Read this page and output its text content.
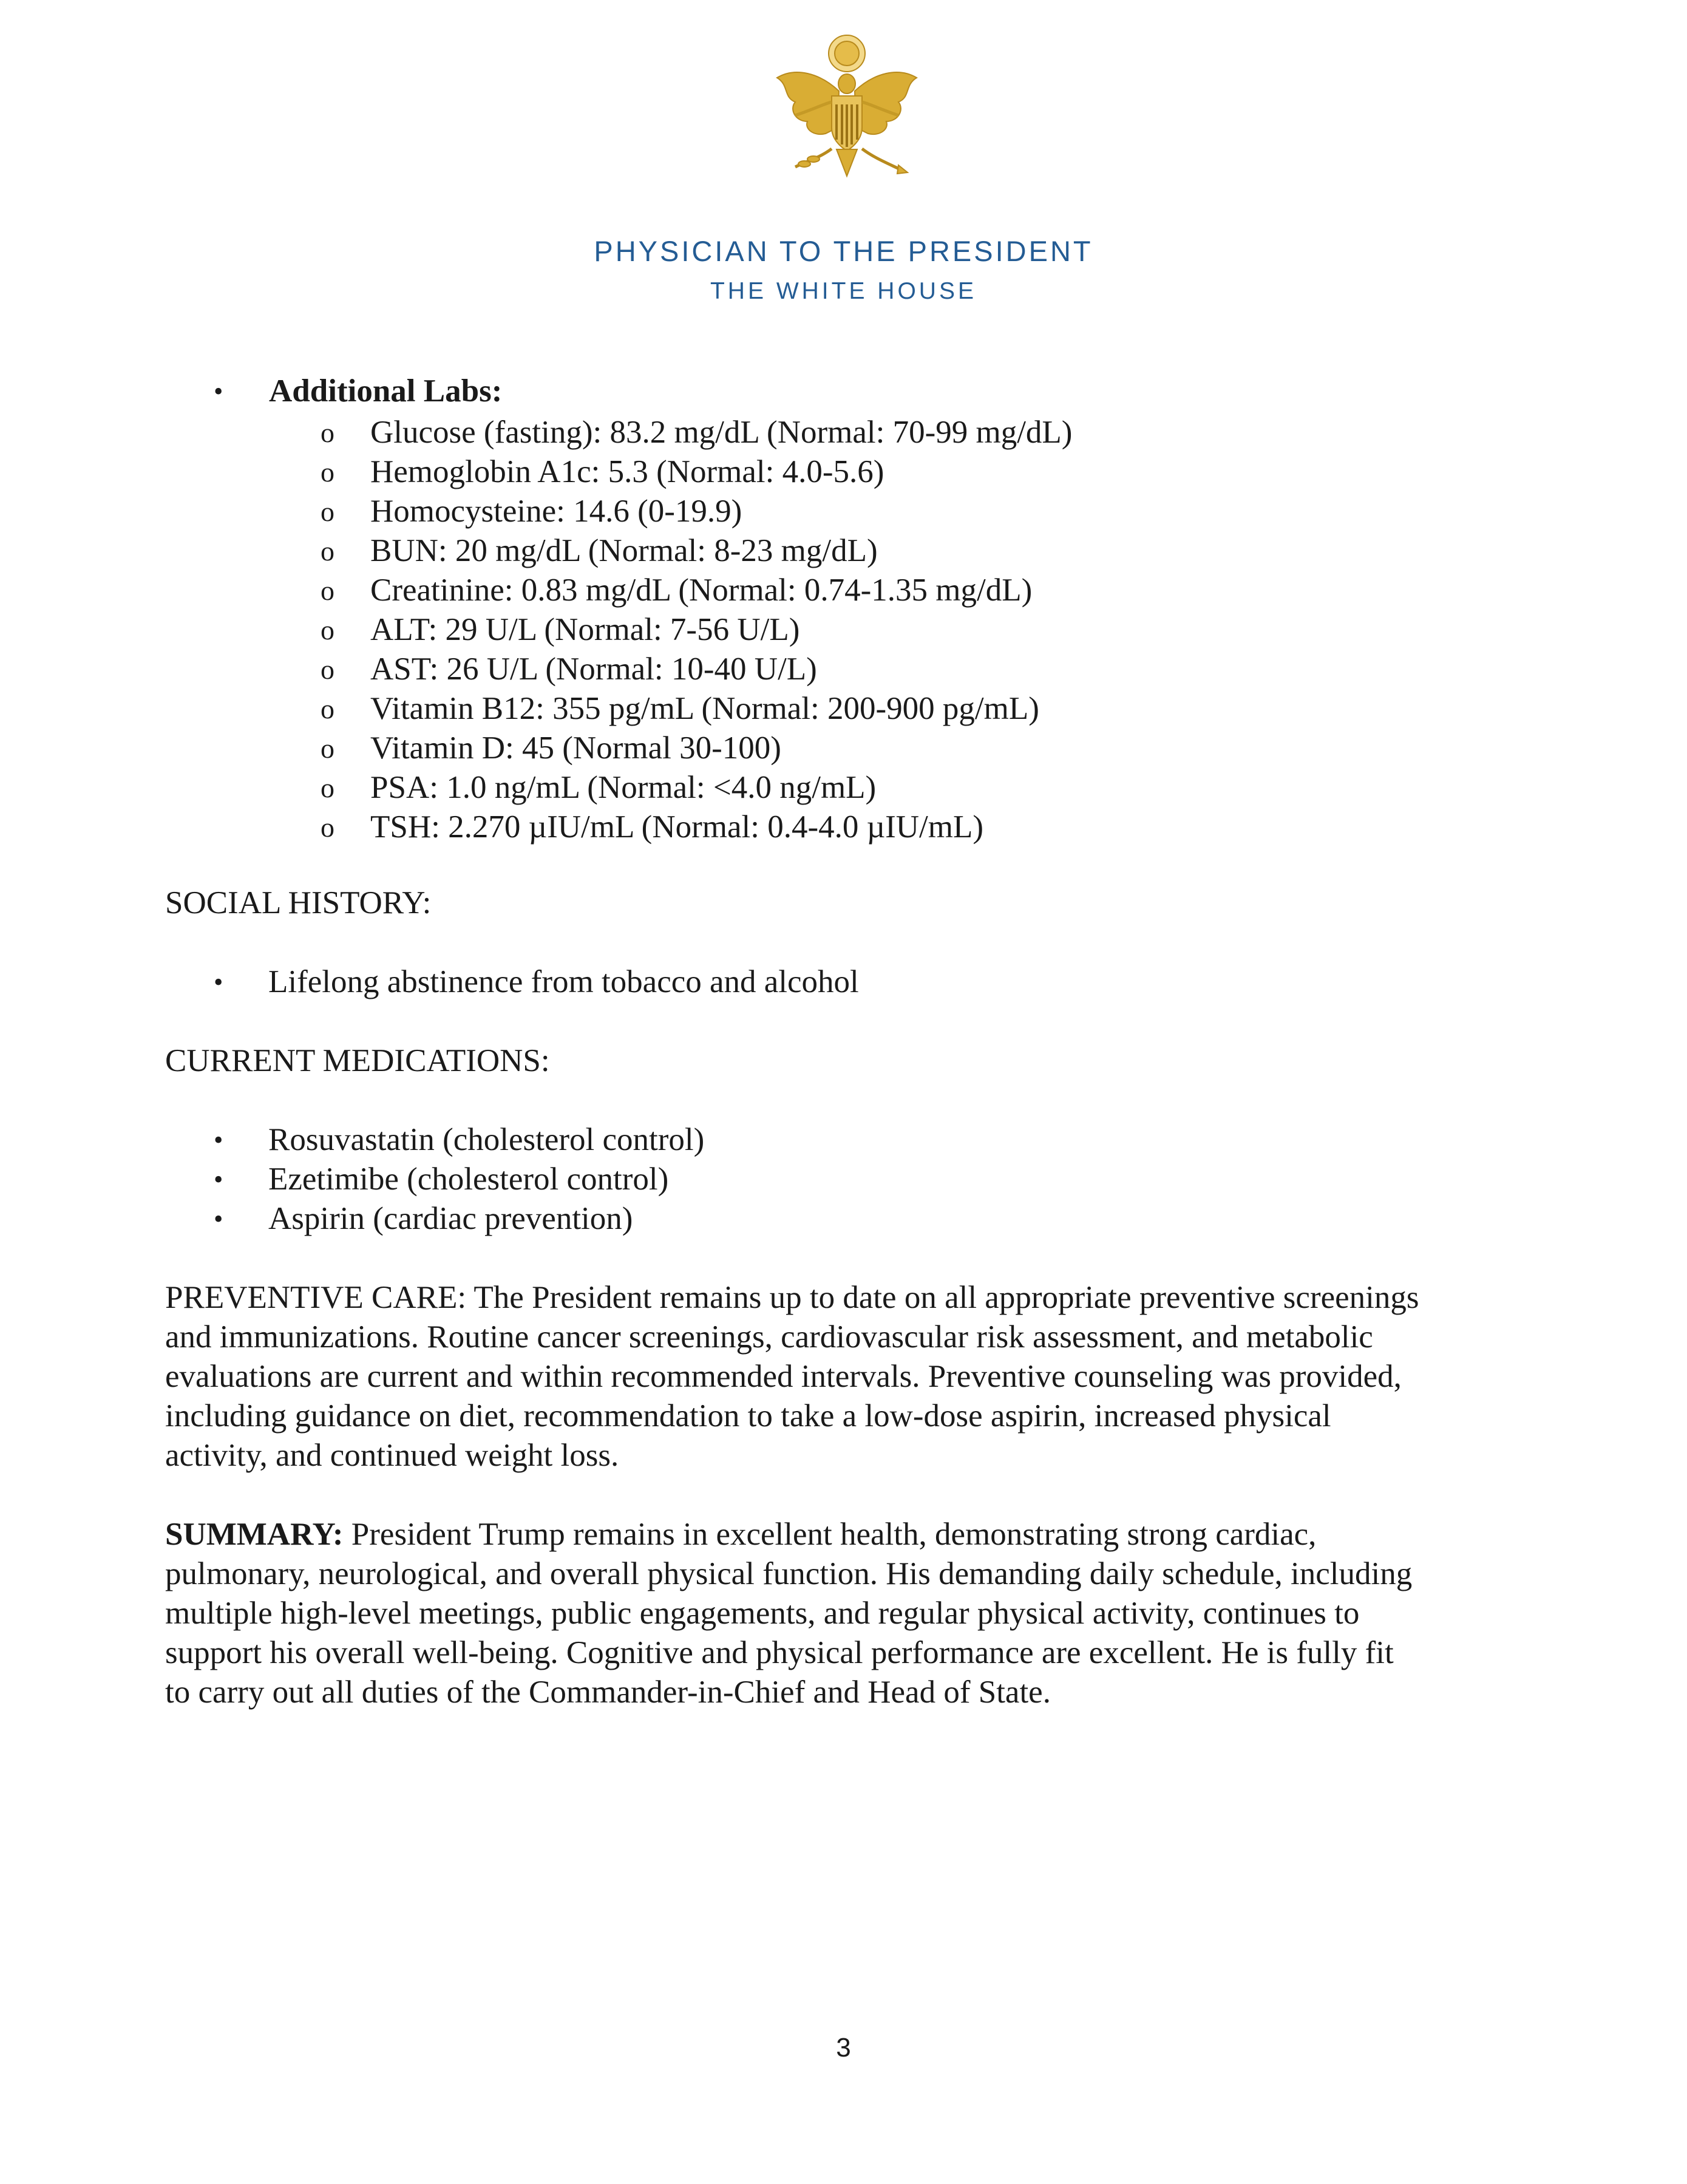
PHYSICIAN TO THE PRESIDENT

THE WHITE HOUSE

• Additional Labs:

o Glucose (fasting): 83.2 mg/dL (Normal: 70-99 mg/dL)
o Hemoglobin A1c: 5.3 (Normal: 4.0-5.6)
o Homocysteine: 14.6 (0-19.9)
o BUN: 20 mg/dL (Normal: 8-23 mg/dL)
o Creatinine: 0.83 mg/dL (Normal: 0.74-1.35 mg/dL)
o ALT: 29 U/L (Normal: 7-56 U/L)
o AST: 26 U/L (Normal: 10-40 U/L)
o Vitamin B12: 355 pg/mL (Normal: 200-900 pg/mL)
o Vitamin D: 45 (Normal 30-100)
o PSA: 1.0 ng/mL (Normal: <4.0 ng/mL)
o TSH: 2.270 µIU/mL (Normal: 0.4-4.0 µIU/mL)
SOCIAL HISTORY:
• Lifelong abstinence from tobacco and alcohol
CURRENT MEDICATIONS:
• Rosuvastatin (cholesterol control)
• Ezetimibe (cholesterol control)
• Aspirin (cardiac prevention)

PREVENTIVE CARE: The President remains up to date on all appropriate preventive screenings
and immunizations. Routine cancer screenings, cardiovascular risk assessment, and metabolic
evaluations are current and within recommended intervals. Preventive counseling was provided,
including guidance on diet, recommendation to take a low-dose aspirin, increased physical
activity, and continued weight loss.

SUMMARY: President Trump remains in excellent health, demonstrating strong cardiac,
pulmonary, neurological, and overall physical function. His demanding daily schedule, including
multiple high-level meetings, public engagements, and regular physical activity, continues to
support his overall well-being. Cognitive and physical performance are excellent. He is fully fit
to carry out all duties of the Commander-in-Chief and Head of State.

3
